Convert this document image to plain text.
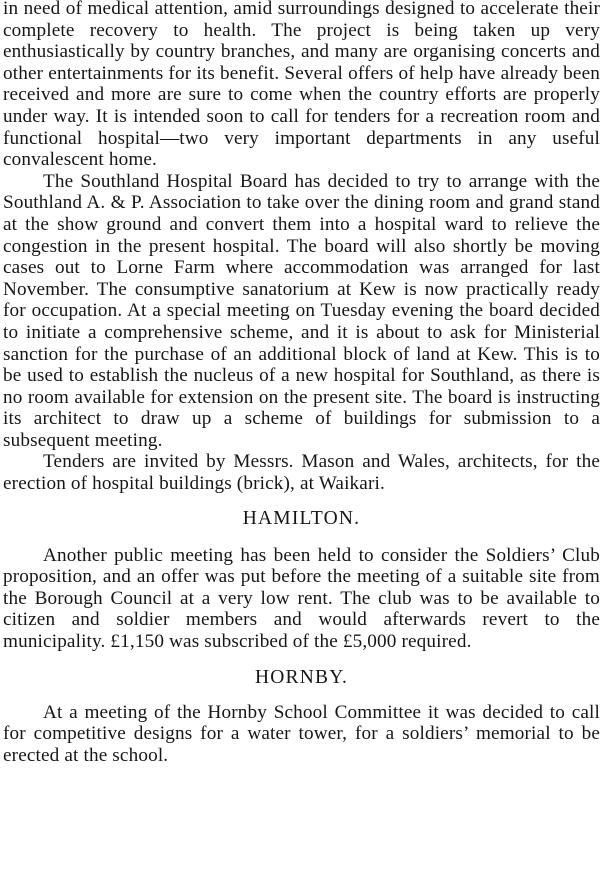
in need of medical attention, amid surroundings designed to accelerate their complete recovery to health. The project is being taken up very enthusiastically by country branches, and many are organising concerts and other entertainments for its benefit. Several offers of help have already been received and more are sure to come when the country efforts are properly under way. It is intended soon to call for tenders for a recreation room and functional hospital—two very important departments in any useful convalescent home.

The Southland Hospital Board has decided to try to arrange with the Southland A. & P. Association to take over the dining room and grand stand at the show ground and convert them into a hospital ward to relieve the congestion in the present hospital. The board will also shortly be moving cases out to Lorne Farm where accommodation was arranged for last November. The consumptive sanatorium at Kew is now practically ready for occupation. At a special meeting on Tuesday evening the board decided to initiate a comprehensive scheme, and it is about to ask for Ministerial sanction for the purchase of an additional block of land at Kew. This is to be used to establish the nucleus of a new hospital for Southland, as there is no room available for extension on the present site. The board is instructing its architect to draw up a scheme of buildings for submission to a subsequent meeting.

Tenders are invited by Messrs. Mason and Wales, architects, for the erection of hospital buildings (brick), at Waikari.

HAMILTON.

Another public meeting has been held to consider the Soldiers’ Club proposition, and an offer was put before the meeting of a suitable site from the Borough Council at a very low rent. The club was to be available to citizen and soldier members and would afterwards revert to the municipality. £1,150 was subscribed of the £5,000 required.

HORNBY.

At a meeting of the Hornby School Committee it was decided to call for competitive designs for a water tower, for a soldiers’ memorial to be erected at the school.
